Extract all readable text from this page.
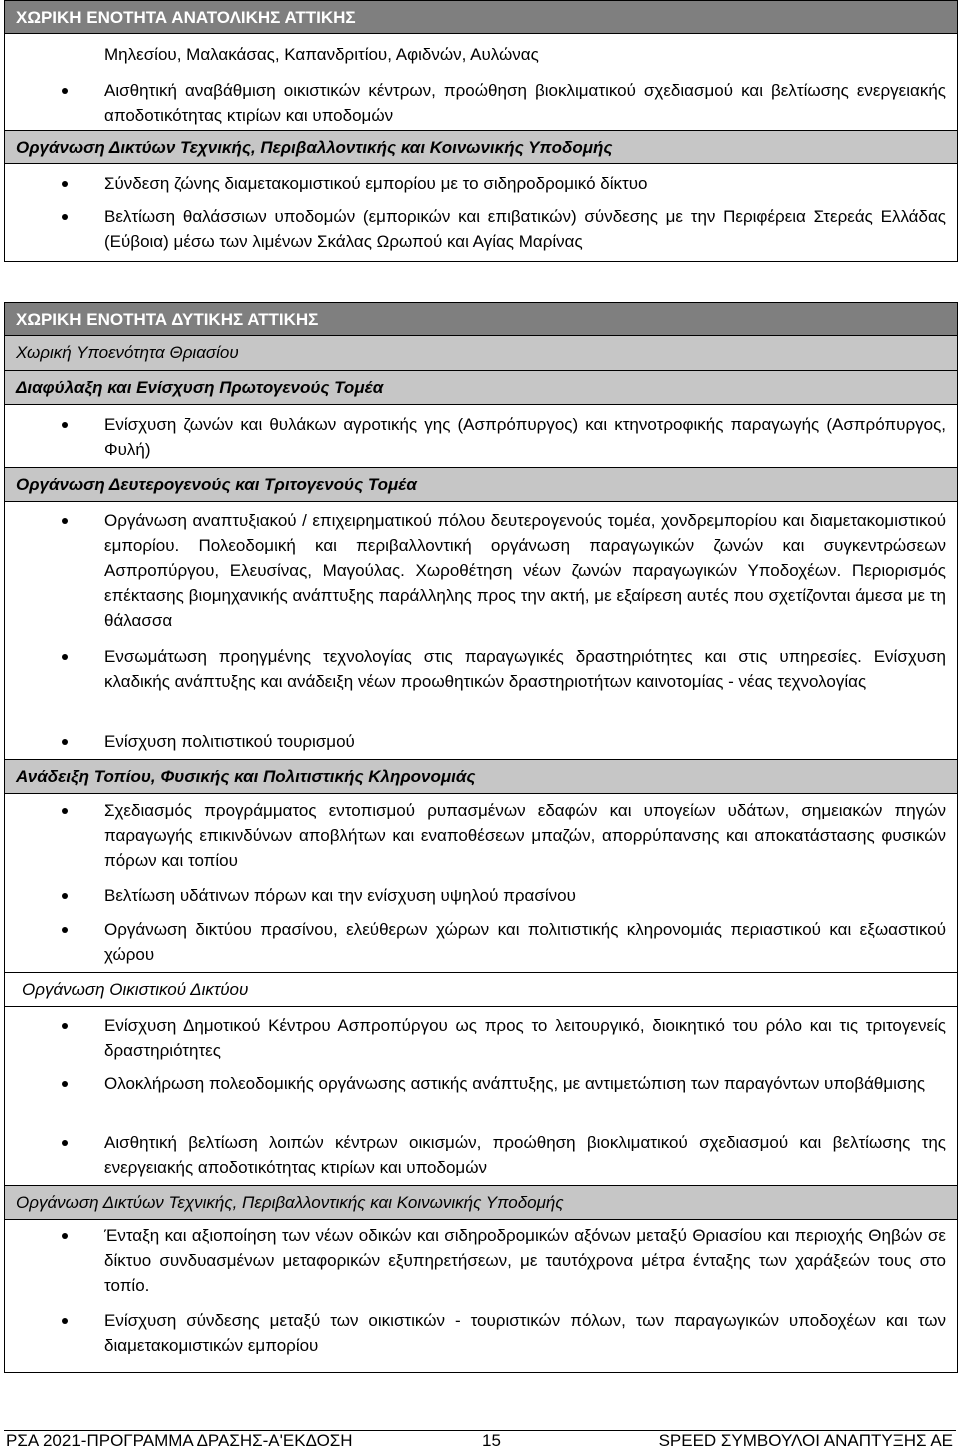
ΧΩΡΙΚΗ ΕΝΟΤΗΤΑ ΑΝΑΤΟΛΙΚΗΣ ΑΤΤΙΚΗΣ
Μηλεσίου, Μαλακάσας, Καπανδριτίου, Αφιδνών, Αυλώνας
Αισθητική αναβάθμιση οικιστικών κέντρων, προώθηση βιοκλιματικού σχεδιασμού και βελτίωσης ενεργειακής αποδοτικότητας κτιρίων και υποδομών
Οργάνωση Δικτύων Τεχνικής, Περιβαλλοντικής και Κοινωνικής Υποδομής
Σύνδεση ζώνης διαμετακομιστικού εμπορίου με το σιδηροδρομικό δίκτυο
Βελτίωση θαλάσσιων υποδομών (εμπορικών και επιβατικών) σύνδεσης με την Περιφέρεια Στερεάς Ελλάδας (Εύβοια) μέσω των λιμένων Σκάλας Ωρωπού και Αγίας Μαρίνας
ΧΩΡΙΚΗ ΕΝΟΤΗΤΑ ΔΥΤΙΚΗΣ ΑΤΤΙΚΗΣ
Χωρική Υποενότητα Θριασίου
Διαφύλαξη και Ενίσχυση Πρωτογενούς Τομέα
Ενίσχυση ζωνών και θυλάκων αγροτικής γης (Ασπρόπυργος) και κτηνοτροφικής παραγωγής (Ασπρόπυργος, Φυλή)
Οργάνωση Δευτερογενούς και Τριτογενούς Τομέα
Οργάνωση αναπτυξιακού / επιχειρηματικού πόλου δευτερογενούς τομέα, χονδρεμπορίου και διαμετακομιστικού εμπορίου. Πολεοδομική και περιβαλλοντική οργάνωση παραγωγικών ζωνών και συγκεντρώσεων Ασπροπύργου, Ελευσίνας, Μαγούλας. Χωροθέτηση νέων ζωνών παραγωγικών Υποδοχέων. Περιορισμός επέκτασης βιομηχανικής ανάπτυξης παράλληλης προς την ακτή, με εξαίρεση αυτές που σχετίζονται άμεσα με τη θάλασσα
Ενσωμάτωση προηγμένης τεχνολογίας στις παραγωγικές δραστηριότητες και στις υπηρεσίες. Ενίσχυση κλαδικής ανάπτυξης και ανάδειξη νέων προωθητικών δραστηριοτήτων καινοτομίας - νέας τεχνολογίας
Ενίσχυση πολιτιστικού τουρισμού
Ανάδειξη Τοπίου, Φυσικής και Πολιτιστικής Κληρονομιάς
Σχεδιασμός προγράμματος εντοπισμού ρυπασμένων εδαφών και υπογείων υδάτων, σημειακών πηγών παραγωγής επικινδύνων αποβλήτων και εναποθέσεων μπαζών, απορρύπανσης και αποκατάστασης φυσικών πόρων και τοπίου
Βελτίωση υδάτινων πόρων και την ενίσχυση υψηλού πρασίνου
Οργάνωση δικτύου πρασίνου, ελεύθερων χώρων και πολιτιστικής κληρονομιάς περιαστικού και εξωαστικού χώρου
Οργάνωση Οικιστικού Δικτύου
Ενίσχυση Δημοτικού Κέντρου Ασπροπύργου ως προς το λειτουργικό, διοικητικό του ρόλο και τις τριτογενείς δραστηριότητες
Ολοκλήρωση πολεοδομικής οργάνωσης αστικής ανάπτυξης, με αντιμετώπιση των παραγόντων υποβάθμισης
Αισθητική βελτίωση λοιπών κέντρων οικισμών, προώθηση βιοκλιματικού σχεδιασμού και βελτίωσης της ενεργειακής αποδοτικότητας κτιρίων και υποδομών
Οργάνωση Δικτύων Τεχνικής, Περιβαλλοντικής και Κοινωνικής Υποδομής
Ένταξη και αξιοποίηση των νέων οδικών και σιδηροδρομικών αξόνων μεταξύ Θριασίου και περιοχής Θηβών σε δίκτυο συνδυασμένων μεταφορικών εξυπηρετήσεων, με ταυτόχρονα μέτρα ένταξης των χαράξεών τους στο τοπίο.
Ενίσχυση σύνδεσης μεταξύ των οικιστικών - τουριστικών πόλων, των παραγωγικών υποδοχέων και των διαμετακομιστικών εμπορίου
ΡΣΑ 2021-ΠΡΟΓΡΑΜΜΑ ΔΡΑΣΗΣ-Α'ΕΚΔΟΣΗ	15	SPEED ΣΥΜΒΟΥΛΟΙ ΑΝΑΠΤΥΞΗΣ ΑΕ
